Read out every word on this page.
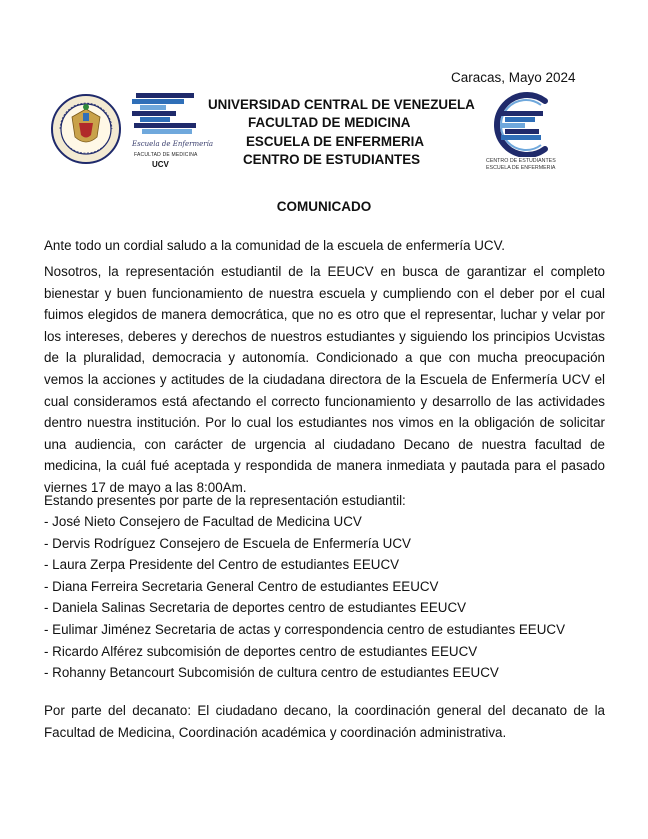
Caracas, Mayo 2024
Escuela de Enfermería
FACULTAD DE MEDICINA
UCV
UNIVERSIDAD CENTRAL DE VENEZUELA
FACULTAD DE MEDICINA
ESCUELA DE ENFERMERIA
CENTRO DE ESTUDIANTES	CENTRO DE ESTUDIANTES
ESCUELA DE ENFERMERIA
COMUNICADO
Ante todo un cordial saludo a la comunidad de la escuela de enfermería UCV.
Nosotros, la representación estudiantil de la EEUCV en busca de garantizar el completo bienestar y buen funcionamiento de nuestra escuela y cumpliendo con el deber por el cual fuimos elegidos de manera democrática, que no es otro que el representar, luchar y velar por los intereses, deberes y derechos de nuestros estudiantes y siguiendo los principios Ucvistas de la pluralidad, democracia y autonomía. Condicionado a que con mucha preocupación vemos la acciones y actitudes de la ciudadana directora de la Escuela de Enfermería UCV el cual consideramos está afectando el correcto funcionamiento y desarrollo de las actividades dentro nuestra institución. Por lo cual los estudiantes nos vimos en la obligación de solicitar una audiencia, con carácter de urgencia al ciudadano Decano de nuestra facultad de medicina, la cuál fué aceptada y respondida de manera inmediata y pautada para el pasado viernes 17 de mayo a las 8:00Am.
Estando presentes por parte de la representación estudiantil:
- José Nieto Consejero de Facultad de Medicina UCV
- Dervis Rodríguez Consejero de Escuela de Enfermería UCV
- Laura Zerpa Presidente del Centro de estudiantes EEUCV
- Diana Ferreira Secretaria General Centro de estudiantes EEUCV
- Daniela Salinas Secretaria de deportes centro de estudiantes EEUCV
- Eulimar Jiménez Secretaria de actas y correspondencia centro de estudiantes EEUCV
- Ricardo Alférez subcomisión de deportes centro de estudiantes EEUCV
- Rohanny Betancourt Subcomisión de cultura centro de estudiantes EEUCV
Por parte del decanato: El ciudadano decano, la coordinación general del decanato de la Facultad de Medicina, Coordinación académica y coordinación administrativa.
